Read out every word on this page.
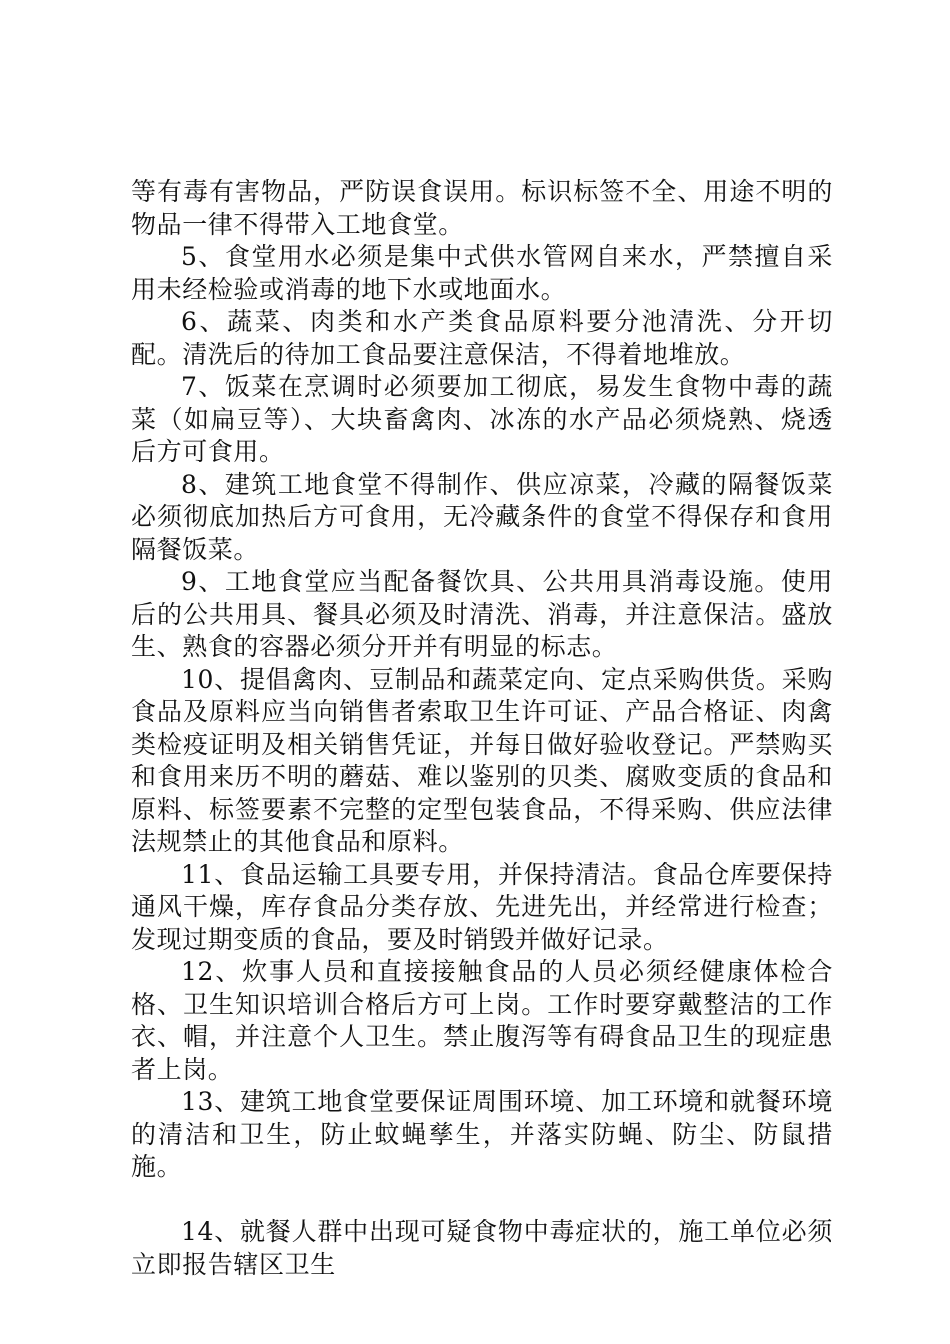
等有毒有害物品，严防误食误用。标识标签不全、用途不明的物品一律不得带入工地食堂。

5、食堂用水必须是集中式供水管网自来水，严禁擅自采用未经检验或消毒的地下水或地面水。

6、蔬菜、肉类和水产类食品原料要分池清洗、分开切配。清洗后的待加工食品要注意保洁，不得着地堆放。

7、饭菜在烹调时必须要加工彻底，易发生食物中毒的蔬菜（如扁豆等）、大块畜禽肉、冰冻的水产品必须烧熟、烧透后方可食用。

8、建筑工地食堂不得制作、供应凉菜，冷藏的隔餐饭菜必须彻底加热后方可食用，无冷藏条件的食堂不得保存和食用隔餐饭菜。

9、工地食堂应当配备餐饮具、公共用具消毒设施。使用后的公共用具、餐具必须及时清洗、消毒，并注意保洁。盛放生、熟食的容器必须分开并有明显的标志。

10、提倡禽肉、豆制品和蔬菜定向、定点采购供货。采购食品及原料应当向销售者索取卫生许可证、产品合格证、肉禽类检疫证明及相关销售凭证，并每日做好验收登记。严禁购买和食用来历不明的蘑菇、难以鉴别的贝类、腐败变质的食品和原料、标签要素不完整的定型包装食品，不得采购、供应法律法规禁止的其他食品和原料。

11、食品运输工具要专用，并保持清洁。食品仓库要保持通风干燥，库存食品分类存放、先进先出，并经常进行检查；发现过期变质的食品，要及时销毁并做好记录。

12、炊事人员和直接接触食品的人员必须经健康体检合格、卫生知识培训合格后方可上岗。工作时要穿戴整洁的工作衣、帽，并注意个人卫生。禁止腹泻等有碍食品卫生的现症患者上岗。

13、建筑工地食堂要保证周围环境、加工环境和就餐环境的清洁和卫生，防止蚊蝇孳生，并落实防蝇、防尘、防鼠措施。

14、就餐人群中出现可疑食物中毒症状的，施工单位必须立即报告辖区卫生
